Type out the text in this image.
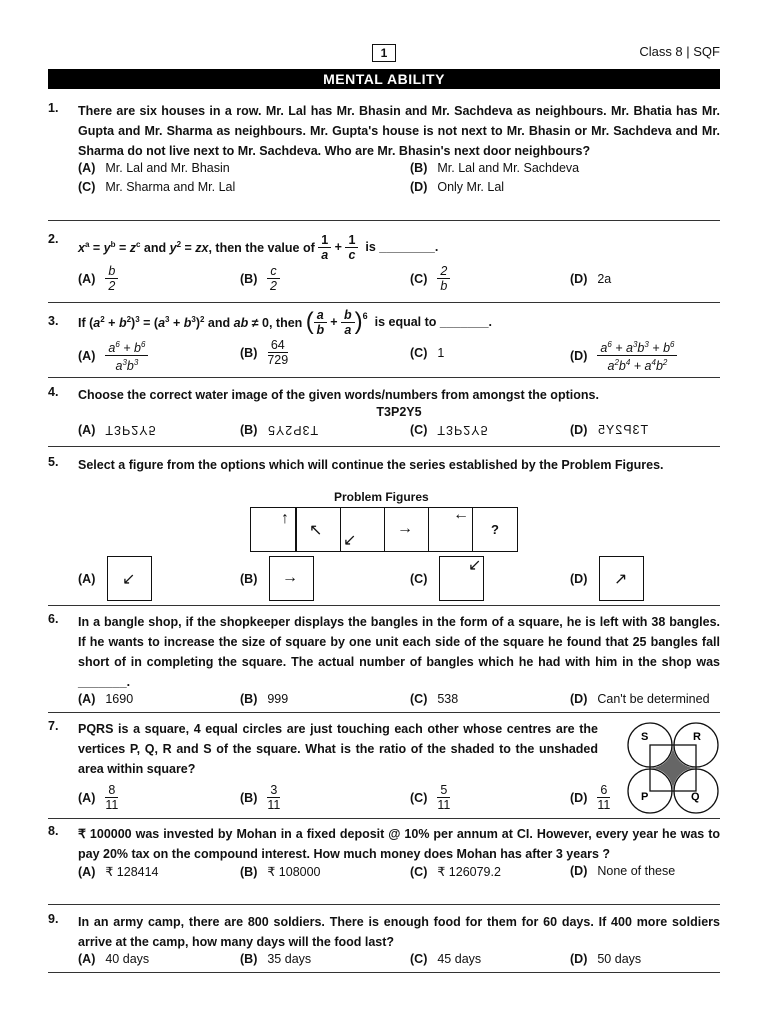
1	Class 8 | SQF
MENTAL ABILITY
1. There are six houses in a row. Mr. Lal has Mr. Bhasin and Mr. Sachdeva as neighbours. Mr. Bhatia has Mr. Gupta and Mr. Sharma as neighbours. Mr. Gupta's house is not next to Mr. Bhasin or Mr. Sachdeva and Mr. Sharma do not live next to Mr. Sachdeva. Who are Mr. Bhasin's next door neighbours?
(A) Mr. Lal and Mr. Bhasin	(B) Mr. Lal and Mr. Sachdeva
(C) Mr. Sharma and Mr. Lal	(D) Only Mr. Lal
2.
$x^a = y^b = z^c$ and $y^2$ = zx, then the value of $\frac{1}{a} + \frac{1}{c}$
is ________.
$(A) \frac{b}{2}$	$(B) \frac{c}{2}$	$(C) \frac{2}{b}$	(D) 2a
3. If $(a^2 + b^2)^3 = (a^3 + b^3)^2$ and ab ≠ 0, then ( $\frac{a}{b} + \frac{b}{a} )^6$
is equal to _______.
$(A) \frac{a^6 + b^6}{a^3b^3}$	$(B) \frac{64}{729}$	(C) 1	$(D) \frac{a^6 + a^3b^3 + b^6}{a^2b^4 + a^4b^2}$
4. Choose the correct water image of the given words/numbers from amongst the options.
T3P2Y5
(A) T3P2Y5	(B) T3P2Y5	(C) T3P2Y5	(D) T3P2Y5
5. Select a figure from the options which will continue the series established by the Problem Figures.
Problem Figures
↑
↖
↙
→
←
?
(A) ↙	(B) →	(C)
↙
(D) ↗
6. In a bangle shop, if the shopkeeper displays the bangles in the form of a square, he is left with 38 bangles. If he wants to increase the size of square by one unit each side of the square he found that 25 bangles fall short of in completing the square. The actual number of bangles which he had with him in the shop was _______.
(A) 1690	(B) 999	(C) 538	(D) Can't be determined
7. PQRS is a square, 4 equal circles are just touching each other whose centres are the vertices P, Q, R and S of the square. What is the ratio of the shaded to the unshaded area within square?
$(A) \frac{8}{11}$	$(B) \frac{3}{11}$	$(C) \frac{5}{11}$	$(D) \frac{6}{11}$
S	R
P	Q
8. ₹ 100000 was invested by Mohan in a fixed deposit @ 10% per annum at CI. However, every year he was to pay 20% tax on the compound interest. How much money does Mohan has after 3 years ?
(A) ₹ 128414	(B) ₹ 108000	(C) ₹ 126079.2	(D) None of these
9. In an army camp, there are 800 soldiers. There is enough food for them for 60 days. If 400 more soldiers arrive at the camp, how many days will the food last?
(A) 40 days	(B) 35 days	(C) 45 days	(D) 50 days
